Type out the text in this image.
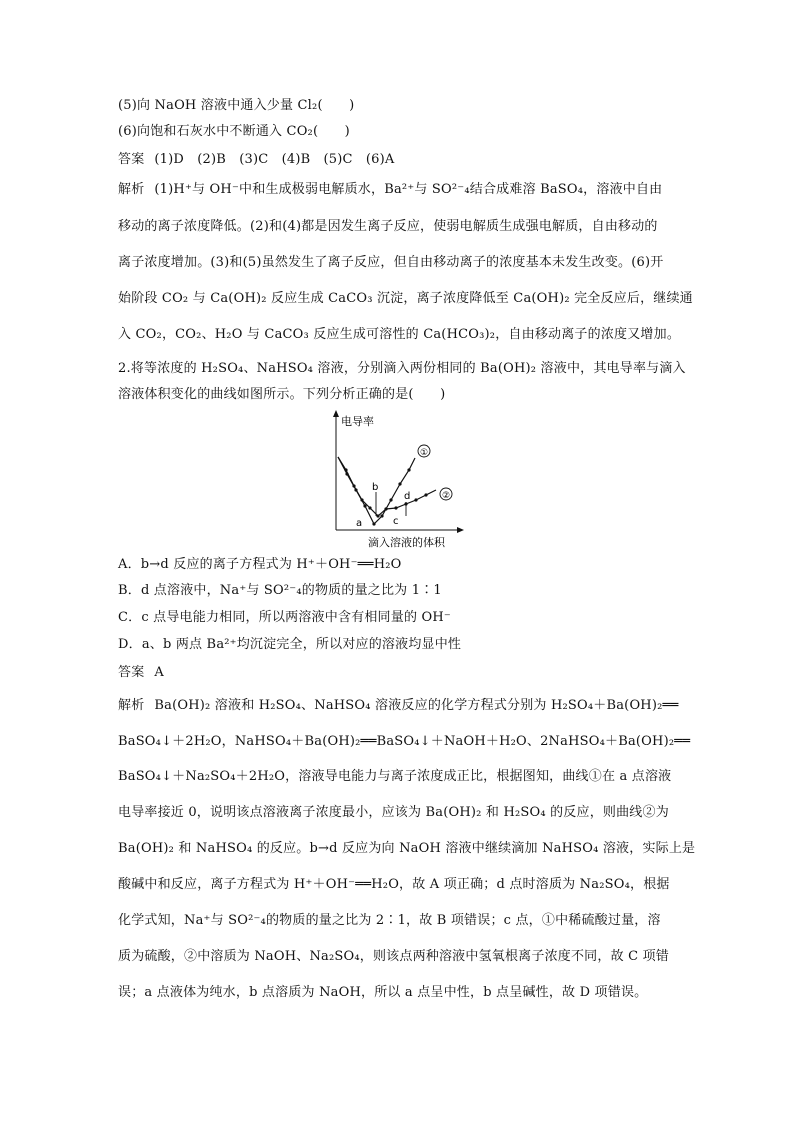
(5)向 NaOH 溶液中通入少量 Cl₂(　　)
(6)向饱和石灰水中不断通入 CO₂(　　)
答案 (1)D　(2)B　(3)C　(4)B　(5)C　(6)A
解析 (1)H⁺与 OH⁻中和生成极弱电解质水，Ba²⁺与 SO²⁻₄结合成难溶 BaSO₄，溶液中自由
移动的离子浓度降低。(2)和(4)都是因发生离子反应，使弱电解质生成强电解质，自由移动的
离子浓度增加。(3)和(5)虽然发生了离子反应，但自由移动离子的浓度基本未发生改变。(6)开
始阶段 CO₂ 与 Ca(OH)₂ 反应生成 CaCO₃ 沉淀，离子浓度降低至 Ca(OH)₂ 完全反应后，继续通
入 CO₂，CO₂、H₂O 与 CaCO₃ 反应生成可溶性的 Ca(HCO₃)₂，自由移动离子的浓度又增加。
2.将等浓度的 H₂SO₄、NaHSO₄ 溶液，分别滴入两份相同的 Ba(OH)₂ 溶液中，其电导率与滴入
溶液体积变化的曲线如图所示。下列分析正确的是(　　)
电导率
滴入溶液的体积
①
②
a
b
c
d
A．b→d 反应的离子方程式为 H⁺＋OH⁻══H₂O
B．d 点溶液中，Na⁺与 SO²⁻₄的物质的量之比为 1∶1
C．c 点导电能力相同，所以两溶液中含有相同量的 OH⁻
D．a、b 两点 Ba²⁺均沉淀完全，所以对应的溶液均显中性
答案 A
解析 Ba(OH)₂ 溶液和 H₂SO₄、NaHSO₄ 溶液反应的化学方程式分别为 H₂SO₄＋Ba(OH)₂══
BaSO₄↓＋2H₂O，NaHSO₄＋Ba(OH)₂══BaSO₄↓＋NaOH＋H₂O、2NaHSO₄＋Ba(OH)₂══
BaSO₄↓＋Na₂SO₄＋2H₂O，溶液导电能力与离子浓度成正比，根据图知，曲线①在 a 点溶液
电导率接近 0，说明该点溶液离子浓度最小，应该为 Ba(OH)₂ 和 H₂SO₄ 的反应，则曲线②为
Ba(OH)₂ 和 NaHSO₄ 的反应。b→d 反应为向 NaOH 溶液中继续滴加 NaHSO₄ 溶液，实际上是
酸碱中和反应，离子方程式为 H⁺＋OH⁻══H₂O，故 A 项正确；d 点时溶质为 Na₂SO₄，根据
化学式知，Na⁺与 SO²⁻₄的物质的量之比为 2∶1，故 B 项错误；c 点，①中稀硫酸过量，溶
质为硫酸，②中溶质为 NaOH、Na₂SO₄，则该点两种溶液中氢氧根离子浓度不同，故 C 项错
误；a 点液体为纯水，b 点溶质为 NaOH，所以 a 点呈中性，b 点呈碱性，故 D 项错误。
